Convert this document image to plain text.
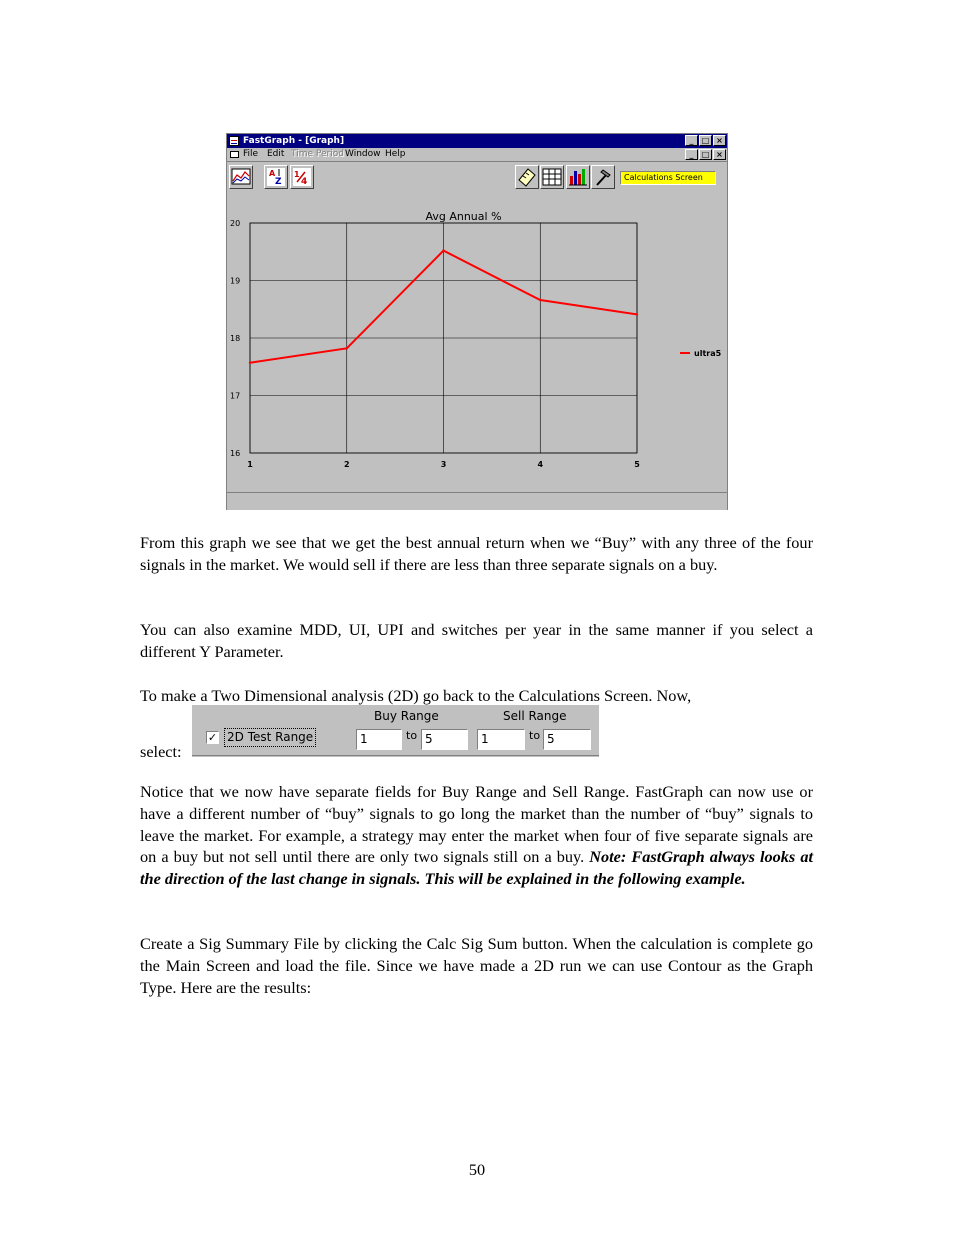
FastGraph - [Graph]	_	□ ×
File Edit Time Period Window Help	_	□ ×
A
Z
1
4	Calculations Screen
Avg Annual %
20
19
18
17
16
1	2	3	4	5
ultra5

From this graph we see that we get the best annual return when we “Buy” with any three of the four signals in the market. We would sell if there are less than three separate signals on a buy.

You can also examine MDD, UI, UPI and switches per year in the same manner if you select a different Y Parameter.

To make a Two Dimensional analysis (2D) go back to the Calculations Screen. Now,

select:
Buy Range	Sell Range
✓ 2D Test Range	1	to 5	1	to 5

Notice that we now have separate fields for Buy Range and Sell Range. FastGraph can now use or have a different number of “buy” signals to go long the market than the number of “buy” signals to leave the market. For example, a strategy may enter the market when four of five separate signals are on a buy but not sell until there are only two signals still on a buy. Note: FastGraph always looks at the direction of the last change in signals. This will be explained in the following example.

Create a Sig Summary File by clicking the Calc Sig Sum button. When the calculation is complete go the Main Screen and load the file. Since we have made a 2D run we can use Contour as the Graph Type. Here are the results:

50
